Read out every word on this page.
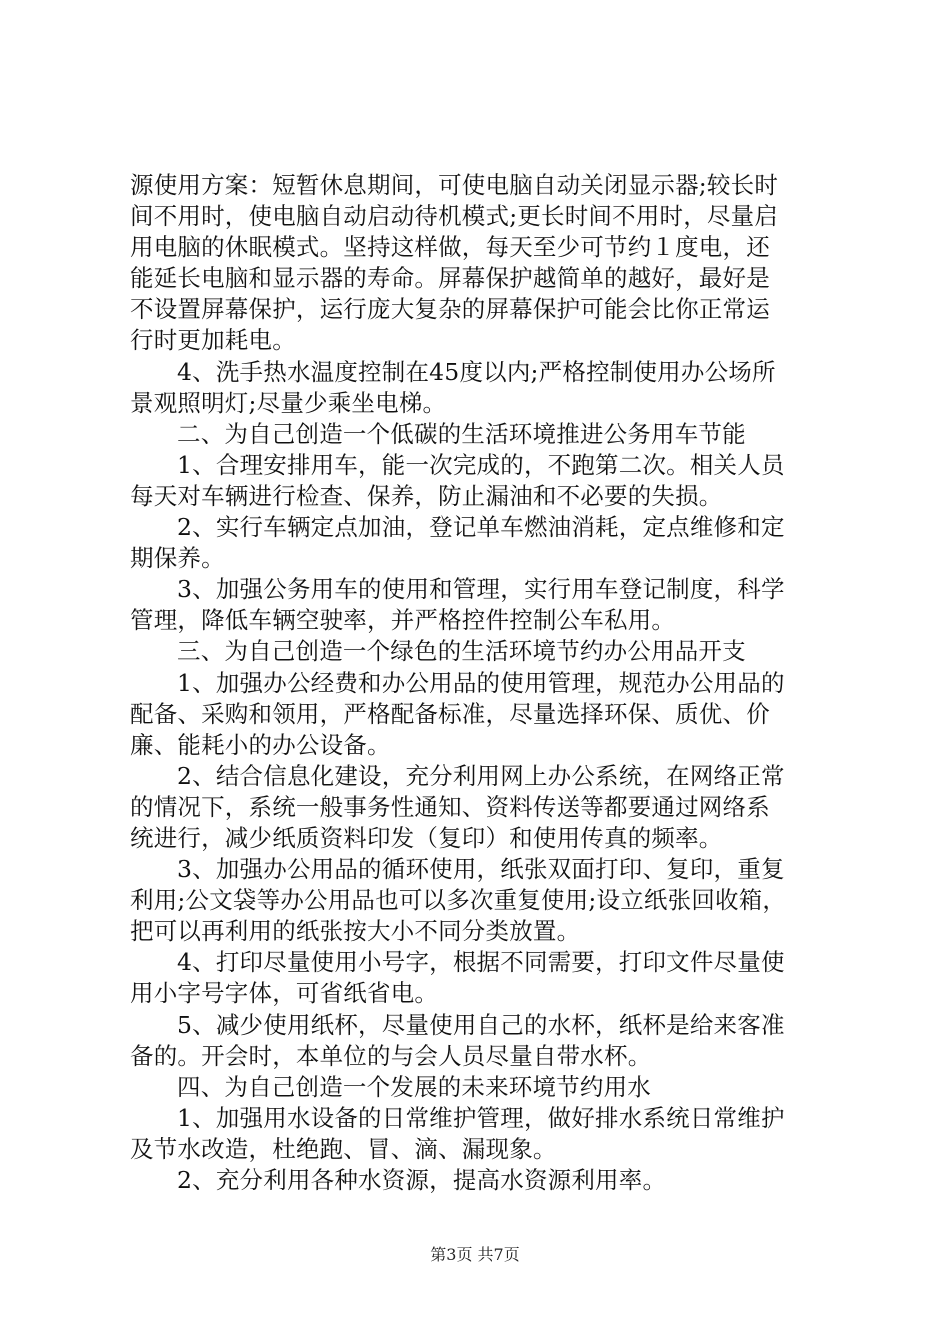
源使用方案：短暂休息期间，可使电脑自动关闭显示器;较长时
间不用时，使电脑自动启动待机模式;更长时间不用时，尽量启
用电脑的休眠模式。坚持这样做，每天至少可节约１度电，还
能延长电脑和显示器的寿命。屏幕保护越简单的越好，最好是
不设置屏幕保护，运行庞大复杂的屏幕保护可能会比你正常运
行时更加耗电。
4、洗手热水温度控制在45度以内;严格控制使用办公场所
景观照明灯;尽量少乘坐电梯。
二、为自己创造一个低碳的生活环境推进公务用车节能
1、合理安排用车，能一次完成的，不跑第二次。相关人员
每天对车辆进行检查、保养，防止漏油和不必要的失损。
2、实行车辆定点加油，登记单车燃油消耗，定点维修和定
期保养。
3、加强公务用车的使用和管理，实行用车登记制度，科学
管理，降低车辆空驶率，并严格控件控制公车私用。
三、为自己创造一个绿色的生活环境节约办公用品开支
1、加强办公经费和办公用品的使用管理，规范办公用品的
配备、采购和领用，严格配备标准，尽量选择环保、质优、价
廉、能耗小的办公设备。
2、结合信息化建设，充分利用网上办公系统，在网络正常
的情况下，系统一般事务性通知、资料传送等都要通过网络系
统进行，减少纸质资料印发（复印）和使用传真的频率。
3、加强办公用品的循环使用，纸张双面打印、复印，重复
利用;公文袋等办公用品也可以多次重复使用;设立纸张回收箱，
把可以再利用的纸张按大小不同分类放置。
4、打印尽量使用小号字，根据不同需要，打印文件尽量使
用小字号字体，可省纸省电。
5、减少使用纸杯，尽量使用自己的水杯，纸杯是给来客准
备的。开会时，本单位的与会人员尽量自带水杯。
四、为自己创造一个发展的未来环境节约用水
1、加强用水设备的日常维护管理，做好排水系统日常维护
及节水改造，杜绝跑、冒、滴、漏现象。
2、充分利用各种水资源，提高水资源利用率。
第3页 共7页
